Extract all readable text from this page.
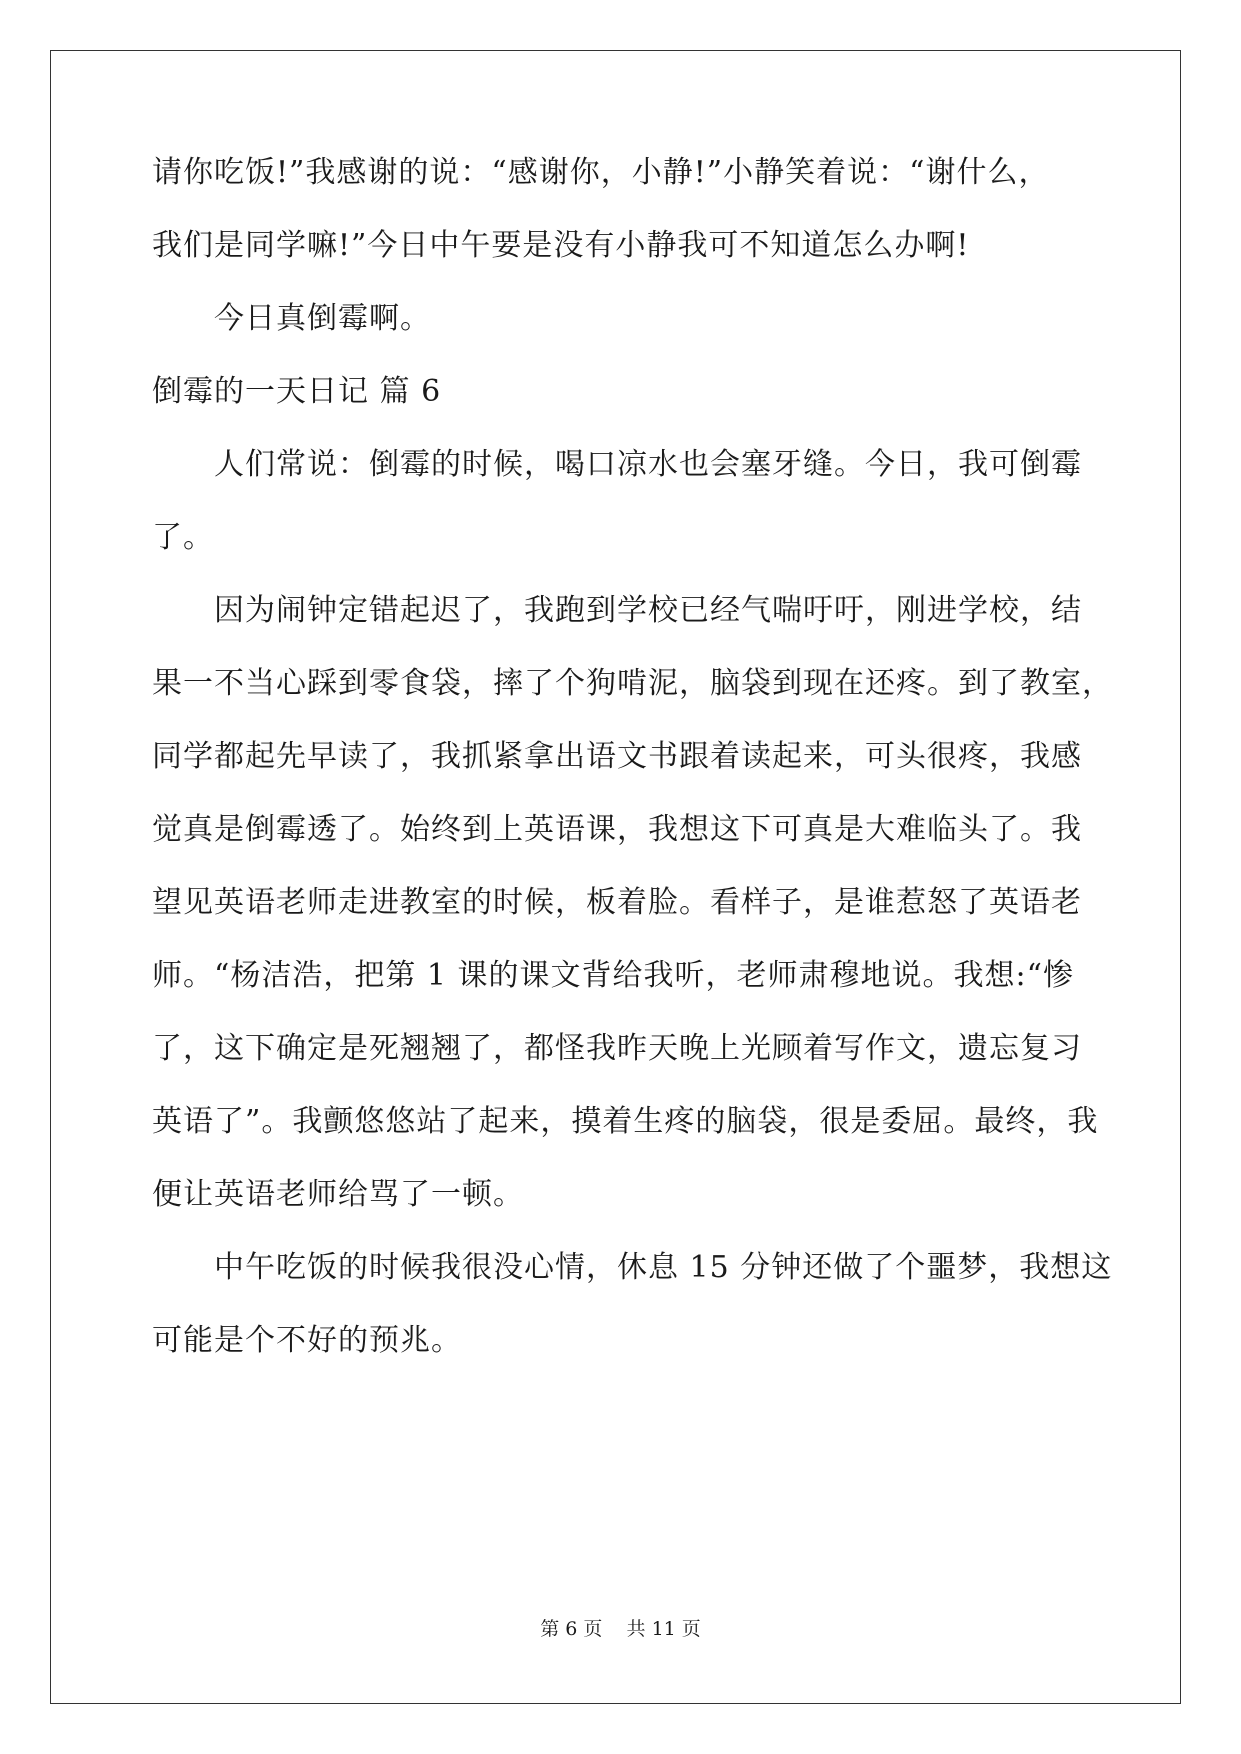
请你吃饭!”我感谢的说：“感谢你，小静!”小静笑着说：“谢什么，
我们是同学嘛!”今日中午要是没有小静我可不知道怎么办啊!
今日真倒霉啊。
倒霉的一天日记 篇 6
人们常说：倒霉的时候，喝口凉水也会塞牙缝。今日，我可倒霉
了。
因为闹钟定错起迟了，我跑到学校已经气喘吁吁，刚进学校，结
果一不当心踩到零食袋，摔了个狗啃泥，脑袋到现在还疼。到了教室，
同学都起先早读了，我抓紧拿出语文书跟着读起来，可头很疼，我感
觉真是倒霉透了。始终到上英语课，我想这下可真是大难临头了。我
望见英语老师走进教室的时候，板着脸。看样子，是谁惹怒了英语老
师。“杨洁浩，把第 1 课的课文背给我听，老师肃穆地说。我想:“惨
了，这下确定是死翘翘了，都怪我昨天晚上光顾着写作文，遗忘复习
英语了”。我颤悠悠站了起来，摸着生疼的脑袋，很是委屈。最终，我
便让英语老师给骂了一顿。
中午吃饭的时候我很没心情，休息 15 分钟还做了个噩梦，我想这
可能是个不好的预兆。
第 6 页 共 11 页
